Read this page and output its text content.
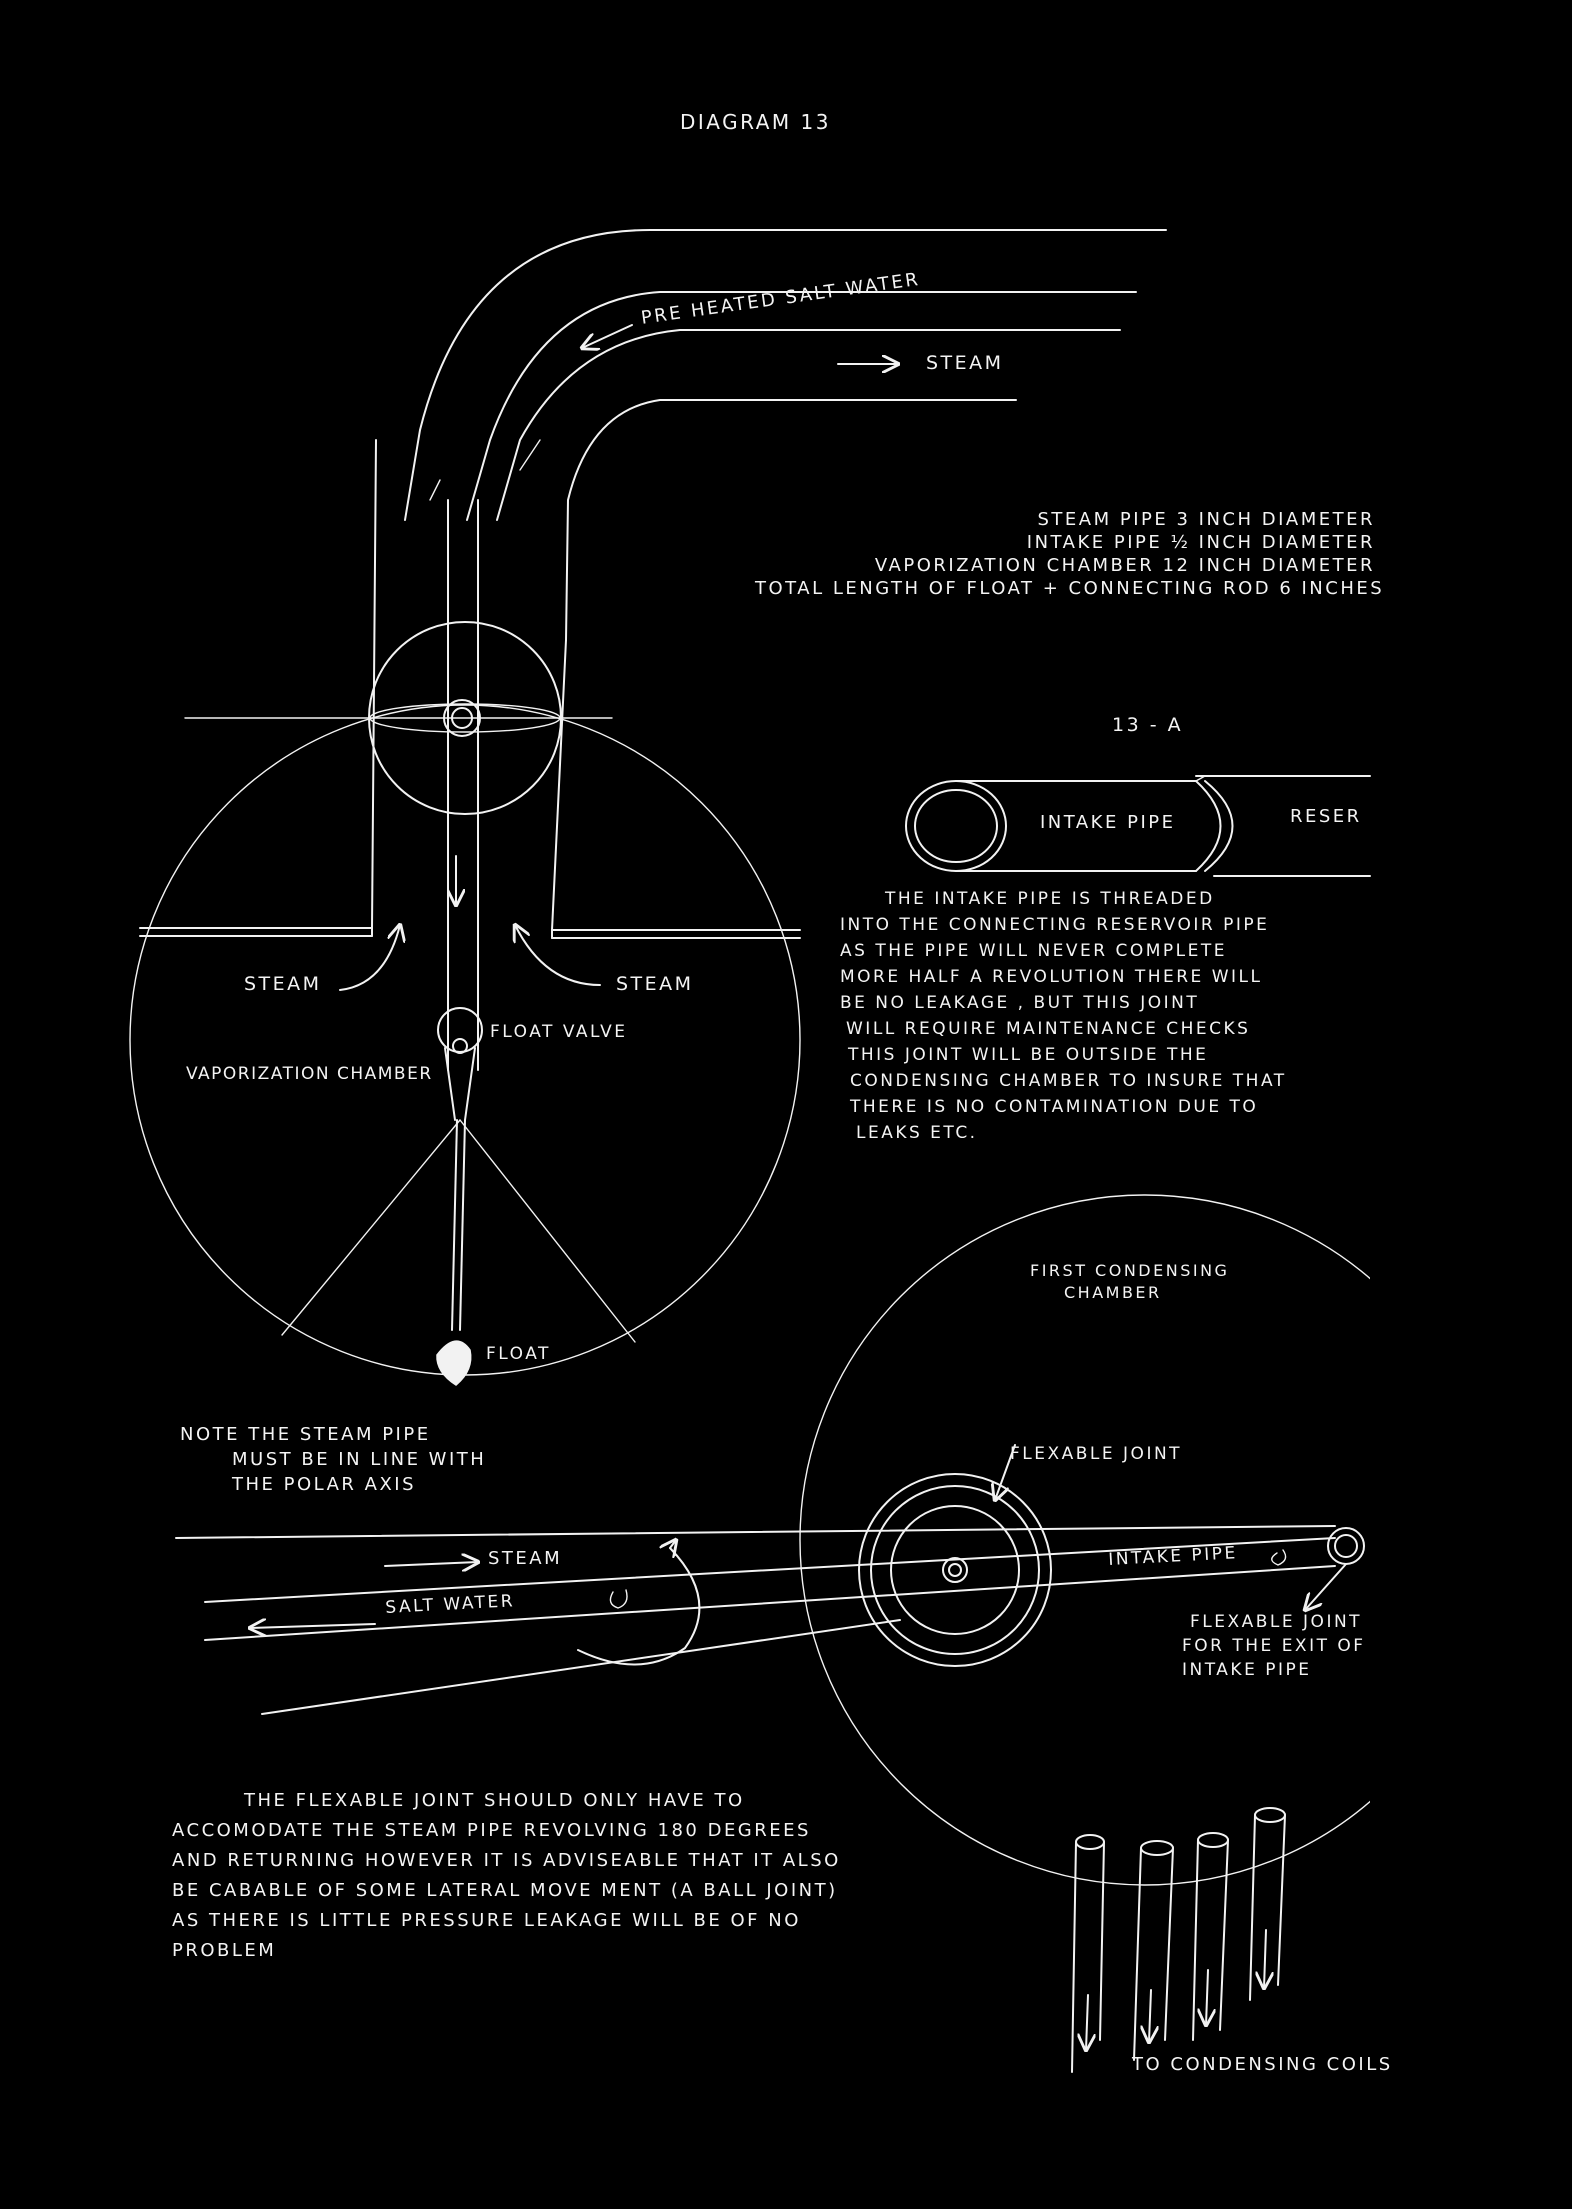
DIAGRAM 13
PRE HEATED SALT WATER
STEAM
STEAM PIPE 3 INCH DIAMETER
INTAKE PIPE ½ INCH DIAMETER
VAPORIZATION CHAMBER 12 INCH DIAMETER
TOTAL LENGTH OF FLOAT + CONNECTING ROD 6 INCHES
13 - A
INTAKE PIPE	RESER
THE INTAKE PIPE IS THREADED
INTO THE CONNECTING RESERVOIR PIPE
AS THE PIPE WILL NEVER COMPLETE
MORE HALF A REVOLUTION THERE WILL
BE NO LEAKAGE , BUT THIS JOINT
WILL REQUIRE MAINTENANCE CHECKS
THIS JOINT WILL BE OUTSIDE THE
CONDENSING CHAMBER TO INSURE THAT
THERE IS NO CONTAMINATION DUE TO
LEAKS ETC.
STEAM	STEAM
FLOAT VALVE
VAPORIZATION CHAMBER
FLOAT
NOTE THE STEAM PIPE
MUST BE IN LINE WITH
THE POLAR AXIS
FIRST CONDENSING
CHAMBER
FLEXABLE JOINT
STEAM
SALT WATER
INTAKE PIPE
FLEXABLE JOINT
FOR THE EXIT OF
INTAKE PIPE
THE FLEXABLE JOINT SHOULD ONLY HAVE TO
ACCOMODATE THE STEAM PIPE REVOLVING 180 DEGREES
AND RETURNING HOWEVER IT IS ADVISEABLE THAT IT ALSO
BE CABABLE OF SOME LATERAL MOVE MENT (A BALL JOINT)
AS THERE IS LITTLE PRESSURE LEAKAGE WILL BE OF NO
PROBLEM
TO CONDENSING COILS
